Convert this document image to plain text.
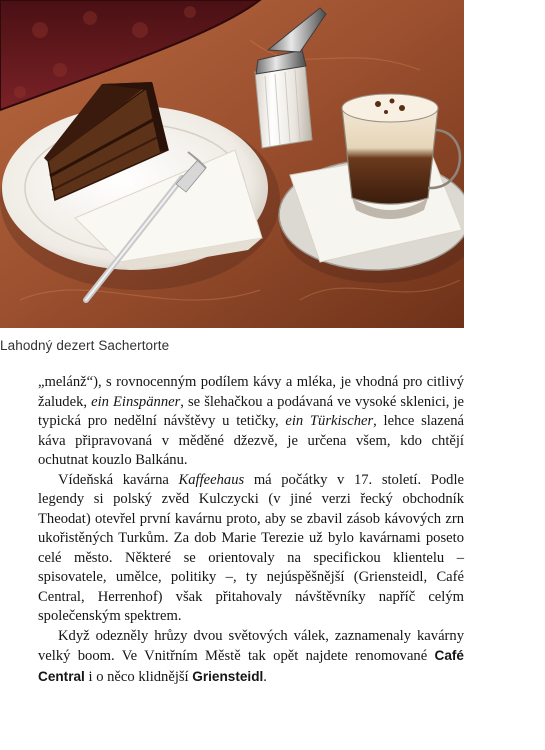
Lahodný dezert Sachertorte

„melánž“), s rovnocenným podílem kávy a mléka, je vhodná pro citlivý žaludek, ein Einspänner, se šlehačkou a podávaná ve vysoké sklenici, je typická pro nedělní návštěvy u tetičky, ein Türkischer, lehce slazená káva připravovaná v měděné džezvě, je určena všem, kdo chtějí ochutnat kouzlo Balkánu.

Vídeňská kavárna Kaffeehaus má počátky v 17. století. Podle legendy si polský zvěd Kulczycki (v jiné verzi řecký obchodník Theodat) otevřel první kavárnu proto, aby se zbavil zásob kávových zrn ukořistěných Turkům. Za dob Marie Terezie už bylo kavárnami poseto celé město. Některé se orientovaly na specifickou klientelu – spisovatele, umělce, politiky –, ty nejúspěšnější (Griensteidl, Café Central, Herrenhof) však přitahovaly návštěvníky napříč celým společenským spektrem.

Když odezněly hrůzy dvou světových válek, zaznamenaly kavárny velký boom. Ve Vnitřním Městě tak opět najdete renomované Café Central i o něco klidnější Griensteidl.
